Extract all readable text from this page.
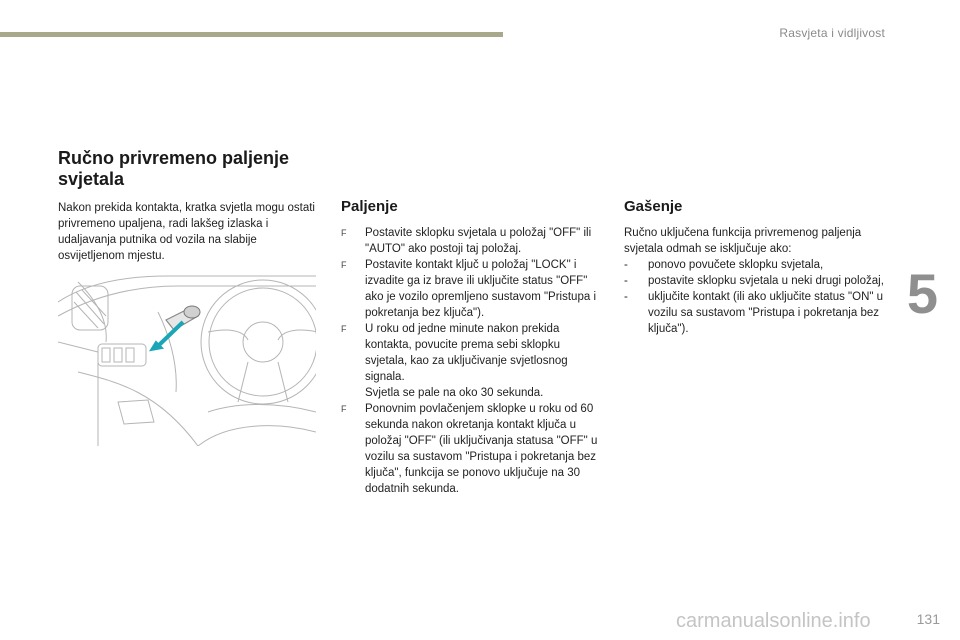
Rasvjeta i vidljivost
5
Ručno privremeno paljenje svjetala

Nakon prekida kontakta, kratka svjetla mogu ostati privremeno upaljena, radi lakšeg izlaska i udaljavanja putnika od vozila na slabije osvijetljenom mjestu.

Paljenje
F	Postavite sklopku svjetala u položaj "OFF" ili "AUTO" ako postoji taj položaj.
F	Postavite kontakt ključ u položaj "LOCK" i izvadite ga iz brave ili uključite status "OFF" ako je vozilo opremljeno sustavom "Pristupa i pokretanja bez ključa").
F	U roku od jedne minute nakon prekida kontakta, povucite prema sebi sklopku svjetala, kao za uključivanje svjetlosnog signala.
Svjetla se pale na oko 30 sekunda.
F	Ponovnim povlačenjem sklopke u roku od 60 sekunda nakon okretanja kontakt ključa u položaj "OFF" (ili uključivanja statusa "OFF" u vozilu sa sustavom "Pristupa i pokretanja bez ključa", funkcija se ponovo uključuje na 30 dodatnih sekunda.
Gašenje

Ručno uključena funkcija privremenog paljenja svjetala odmah se isključuje ako:

- ponovo povučete sklopku svjetala,
- postavite sklopku svjetala u neki drugi položaj,
- uključite kontakt (ili ako uključite status "ON" u vozilu sa sustavom "Pristupa i pokretanja bez ključa").
carmanualsonline.info	131
